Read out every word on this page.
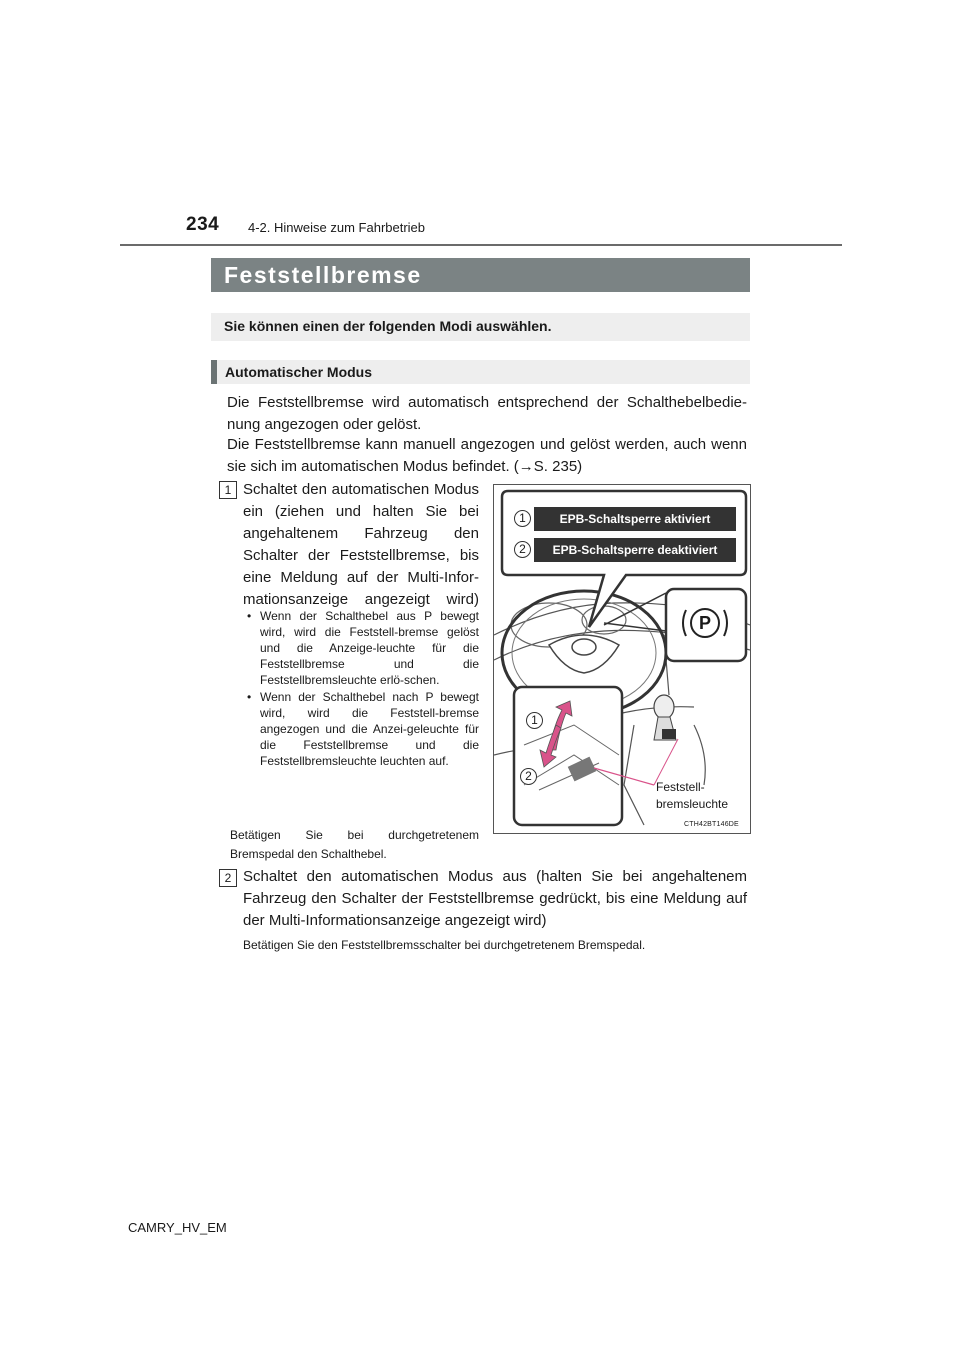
234 4-2. Hinweise zum Fahrbetrieb
Feststellbremse
Sie können einen der folgenden Modi auswählen.
Automatischer Modus
Die Feststellbremse wird automatisch entsprechend der Schalthebelbedie-nung angezogen oder gelöst.
Die Feststellbremse kann manuell angezogen und gelöst werden, auch wenn sie sich im automatischen Modus befindet. (→S. 235)
1 Schaltet den automatischen Modus ein (ziehen und halten Sie bei angehaltenem Fahrzeug den Schalter der Feststellbremse, bis eine Meldung auf der Multi-Infor-mationsanzeige angezeigt wird)
• Wenn der Schalthebel aus P bewegt wird, wird die Feststell-bremse gelöst und die Anzeige-leuchte für die Feststellbremse und die Feststellbremsleuchte erlö-schen.
• Wenn der Schalthebel nach P bewegt wird, wird die Feststell-bremse angezogen und die Anzei-geleuchte für die Feststellbremse und die Feststellbremsleuchte leuchten auf.
Betätigen Sie bei durchgetretenem Bremspedal den Schalthebel.
2 Schaltet den automatischen Modus aus (halten Sie bei angehaltenem Fahrzeug den Schalter der Feststellbremse gedrückt, bis eine Meldung auf der Multi-Informationsanzeige angezeigt wird)
Betätigen Sie den Feststellbremsschalter bei durchgetretenem Bremspedal.
1	EPB-Schaltsperre aktiviert
2	EPB-Schaltsperre deaktiviert
P
1
2
Feststell-
bremsleuchte
CTH42BT146DE
CAMRY_HV_EM
